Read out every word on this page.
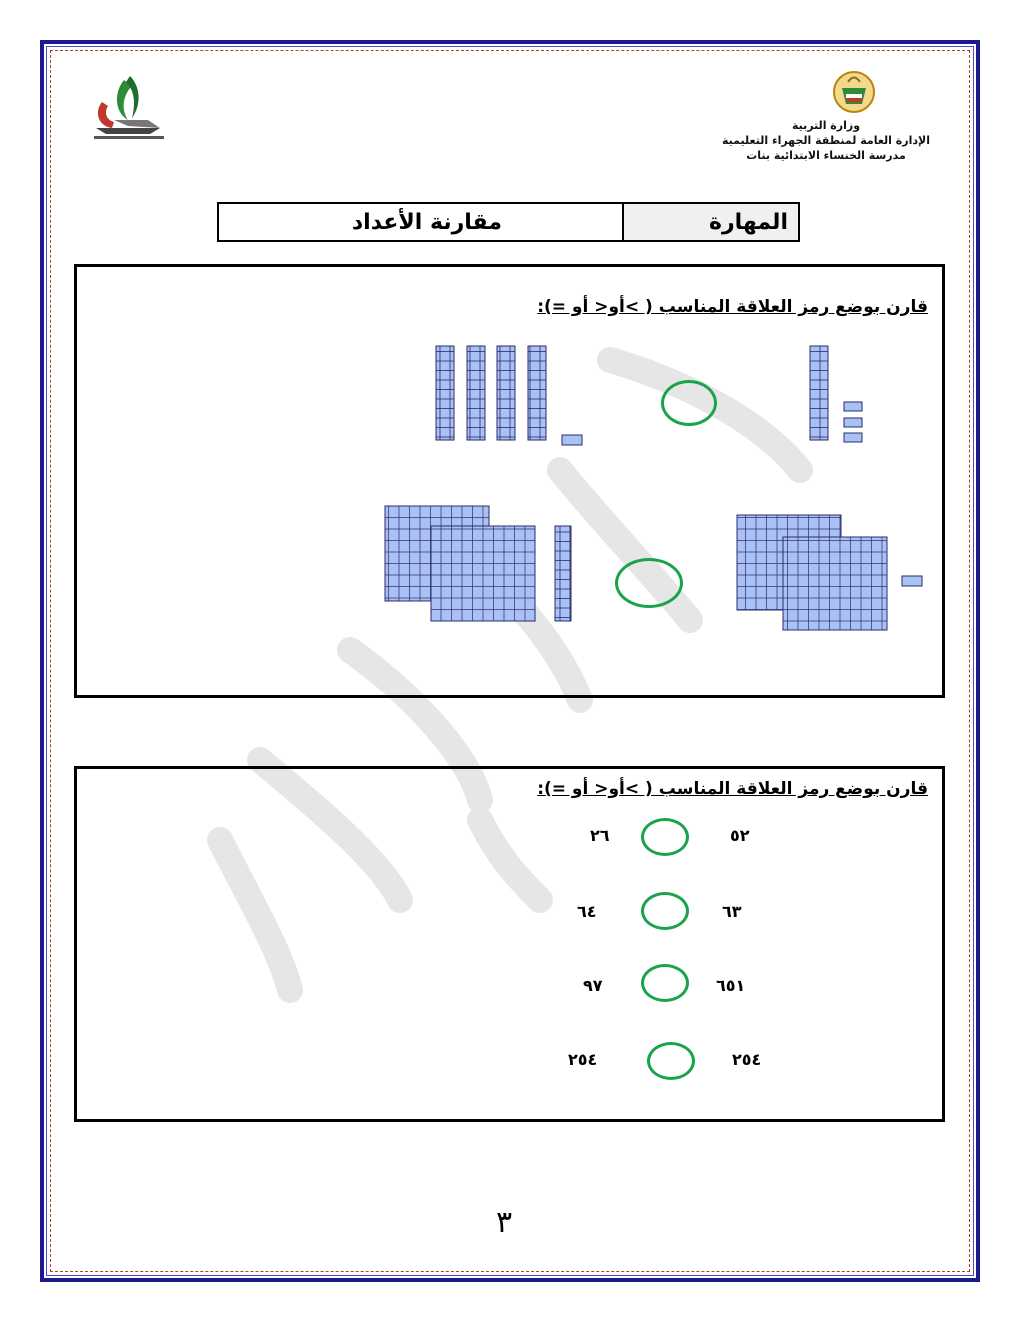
وزارة التربية
الإدارة العامة لمنطقة الجهراء التعليمية
مدرسة الخنساء الابتدائية بنات
المهارة
مقارنة الأعداد
قارن بوضع رمز العلاقة المناسب ( >أو< أو =):
قارن بوضع رمز العلاقة المناسب ( >أو< أو =):
٢٦	٥٢
٦٤	٦٣
٩٧	٦٥١
٢٥٤	٢٥٤
٣
